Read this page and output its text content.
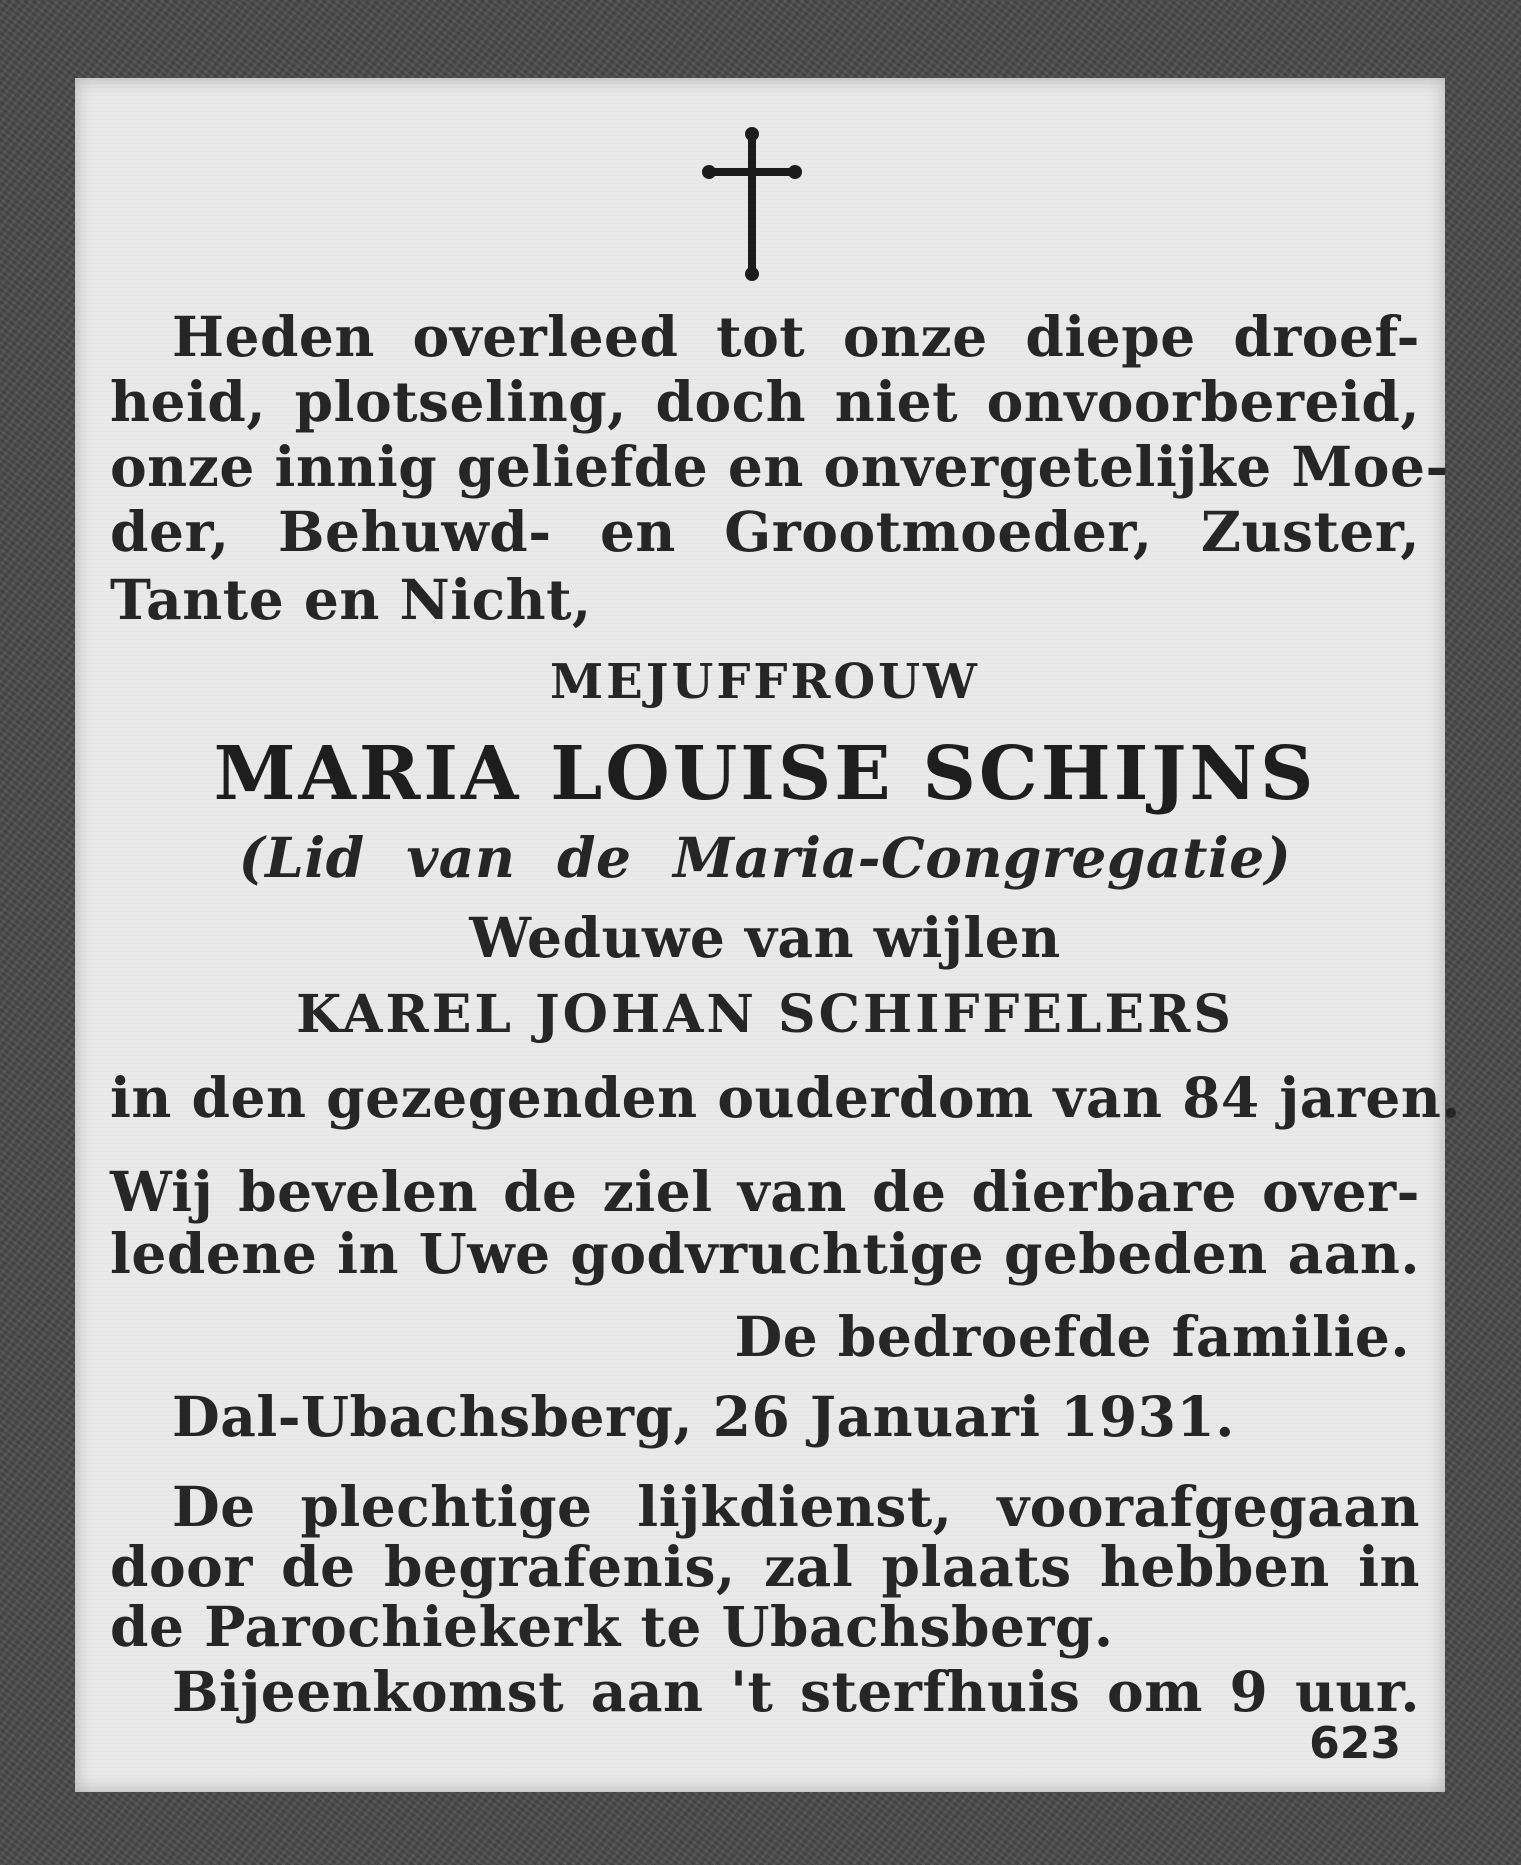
Heden overleed tot onze diepe droef-

heid, plotseling, doch niet onvoorbereid,

onze innig geliefde en onvergetelijke Moe-

der, Behuwd- en Grootmoeder, Zuster,

Tante en Nicht,

MEJUFFROUW

MARIA LOUISE SCHIJNS

(Lid van de Maria-Congregatie)

Weduwe van wijlen

KAREL JOHAN SCHIFFELERS

in den gezegenden ouderdom van 84 jaren.

Wij bevelen de ziel van de dierbare over-

ledene in Uwe godvruchtige gebeden aan.

De bedroefde familie.

Dal-Ubachsberg, 26 Januari 1931.

De plechtige lijkdienst, voorafgegaan

door de begrafenis, zal plaats hebben in

de Parochiekerk te Ubachsberg.

Bijeenkomst aan 't sterfhuis om 9 uur.

623
